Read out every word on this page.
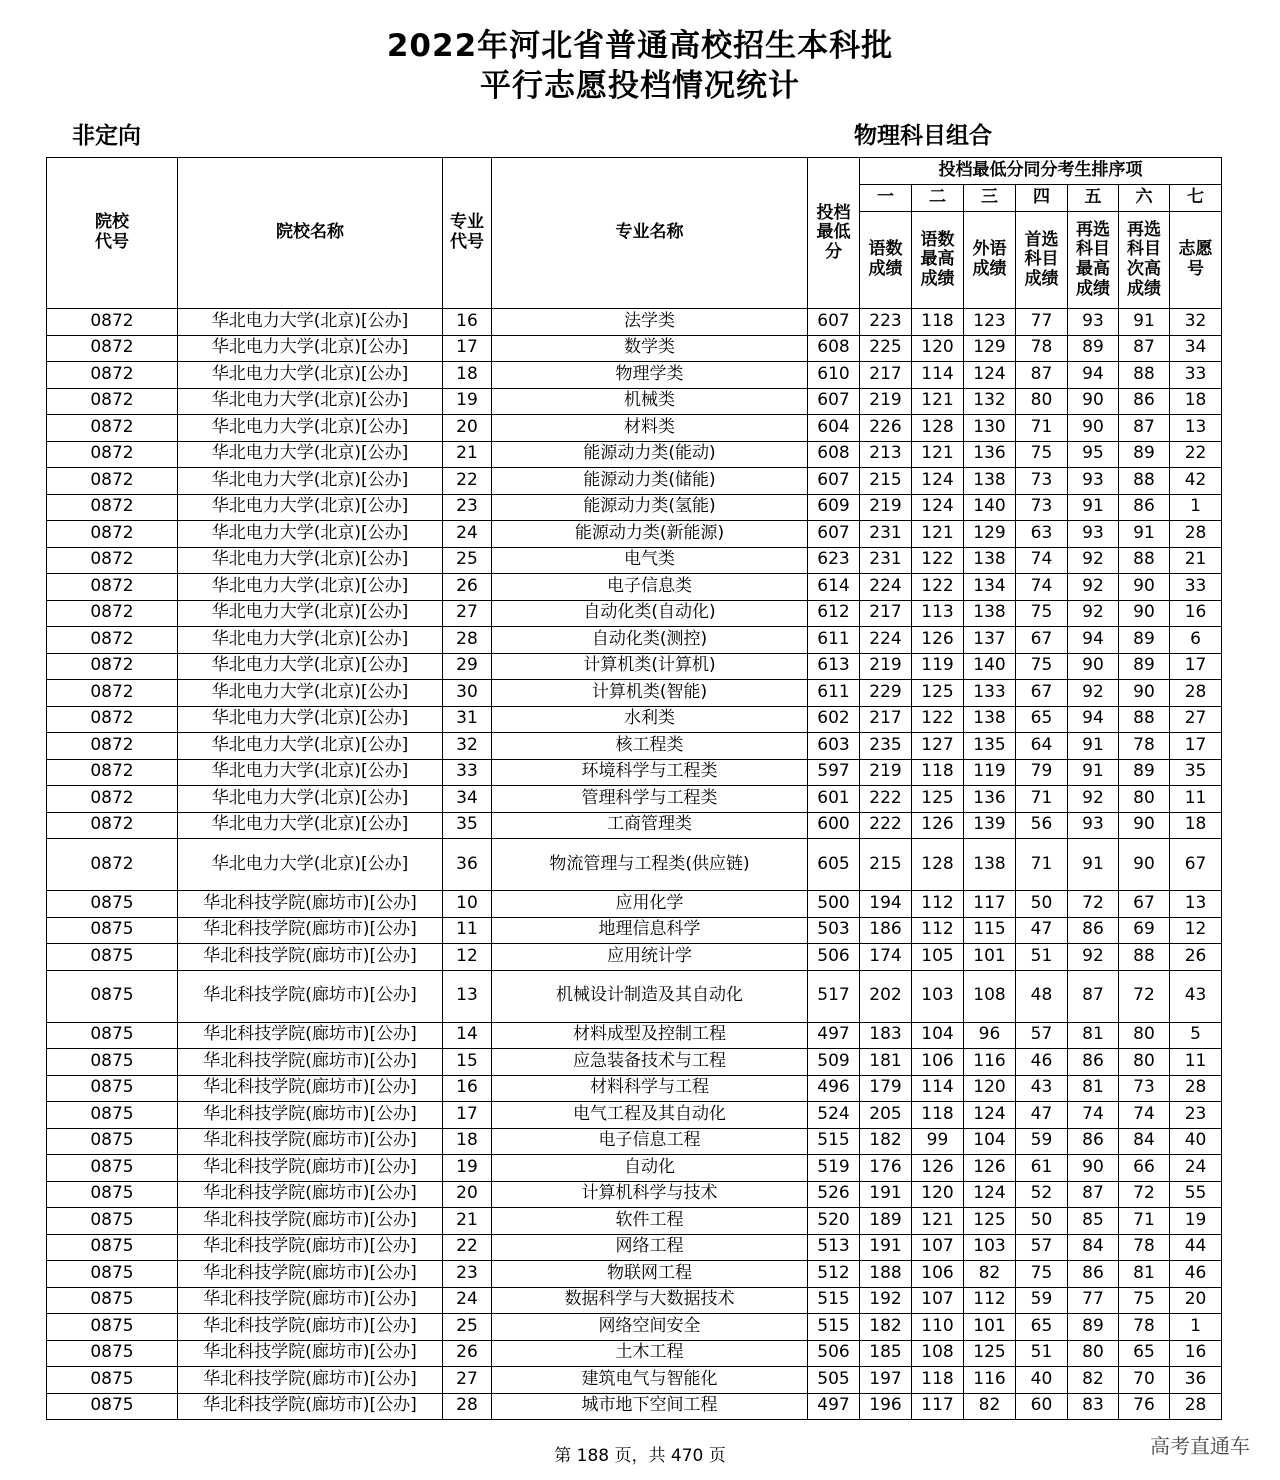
2022年河北省普通高校招生本科批
平行志愿投档情况统计
非定向	物理科目组合
院校代号	院校名称	专业代号	专业名称	投档最低分	投档最低分同分考生排序项						
					一	二	三	四	五	六	七
					语数成绩	语数最高成绩	外语成绩	首选科目成绩	再选科目最高成绩	再选科目次高成绩	志愿号
0872	华北电力大学(北京)[公办]	16	法学类	607	223	118	123	77	93	91	32
0872	华北电力大学(北京)[公办]	17	数学类	608	225	120	129	78	89	87	34
0872	华北电力大学(北京)[公办]	18	物理学类	610	217	114	124	87	94	88	33
0872	华北电力大学(北京)[公办]	19	机械类	607	219	121	132	80	90	86	18
0872	华北电力大学(北京)[公办]	20	材料类	604	226	128	130	71	90	87	13
0872	华北电力大学(北京)[公办]	21	能源动力类(能动)	608	213	121	136	75	95	89	22
0872	华北电力大学(北京)[公办]	22	能源动力类(储能)	607	215	124	138	73	93	88	42
0872	华北电力大学(北京)[公办]	23	能源动力类(氢能)	609	219	124	140	73	91	86	1
0872	华北电力大学(北京)[公办]	24	能源动力类(新能源)	607	231	121	129	63	93	91	28
0872	华北电力大学(北京)[公办]	25	电气类	623	231	122	138	74	92	88	21
0872	华北电力大学(北京)[公办]	26	电子信息类	614	224	122	134	74	92	90	33
0872	华北电力大学(北京)[公办]	27	自动化类(自动化)	612	217	113	138	75	92	90	16
0872	华北电力大学(北京)[公办]	28	自动化类(测控)	611	224	126	137	67	94	89	6
0872	华北电力大学(北京)[公办]	29	计算机类(计算机)	613	219	119	140	75	90	89	17
0872	华北电力大学(北京)[公办]	30	计算机类(智能)	611	229	125	133	67	92	90	28
0872	华北电力大学(北京)[公办]	31	水利类	602	217	122	138	65	94	88	27
0872	华北电力大学(北京)[公办]	32	核工程类	603	235	127	135	64	91	78	17
0872	华北电力大学(北京)[公办]	33	环境科学与工程类	597	219	118	119	79	91	89	35
0872	华北电力大学(北京)[公办]	34	管理科学与工程类	601	222	125	136	71	92	80	11
0872	华北电力大学(北京)[公办]	35	工商管理类	600	222	126	139	56	93	90	18
0872	华北电力大学(北京)[公办]	36	物流管理与工程类(供应链)	605	215	128	138	71	91	90	67
0875	华北科技学院(廊坊市)[公办]	10	应用化学	500	194	112	117	50	72	67	13
0875	华北科技学院(廊坊市)[公办]	11	地理信息科学	503	186	112	115	47	86	69	12
0875	华北科技学院(廊坊市)[公办]	12	应用统计学	506	174	105	101	51	92	88	26
0875	华北科技学院(廊坊市)[公办]	13	机械设计制造及其自动化	517	202	103	108	48	87	72	43
0875	华北科技学院(廊坊市)[公办]	14	材料成型及控制工程	497	183	104	96	57	81	80	5
0875	华北科技学院(廊坊市)[公办]	15	应急装备技术与工程	509	181	106	116	46	86	80	11
0875	华北科技学院(廊坊市)[公办]	16	材料科学与工程	496	179	114	120	43	81	73	28
0875	华北科技学院(廊坊市)[公办]	17	电气工程及其自动化	524	205	118	124	47	74	74	23
0875	华北科技学院(廊坊市)[公办]	18	电子信息工程	515	182	99	104	59	86	84	40
0875	华北科技学院(廊坊市)[公办]	19	自动化	519	176	126	126	61	90	66	24
0875	华北科技学院(廊坊市)[公办]	20	计算机科学与技术	526	191	120	124	52	87	72	55
0875	华北科技学院(廊坊市)[公办]	21	软件工程	520	189	121	125	50	85	71	19
0875	华北科技学院(廊坊市)[公办]	22	网络工程	513	191	107	103	57	84	78	44
0875	华北科技学院(廊坊市)[公办]	23	物联网工程	512	188	106	82	75	86	81	46
0875	华北科技学院(廊坊市)[公办]	24	数据科学与大数据技术	515	192	107	112	59	77	75	20
0875	华北科技学院(廊坊市)[公办]	25	网络空间安全	515	182	110	101	65	89	78	1
0875	华北科技学院(廊坊市)[公办]	26	土木工程	506	185	108	125	51	80	65	16
0875	华北科技学院(廊坊市)[公办]	27	建筑电气与智能化	505	197	118	116	40	82	70	36
0875	华北科技学院(廊坊市)[公办]	28	城市地下空间工程	497	196	117	82	60	83	76	28
第 188 页，共 470 页	高考直通车
